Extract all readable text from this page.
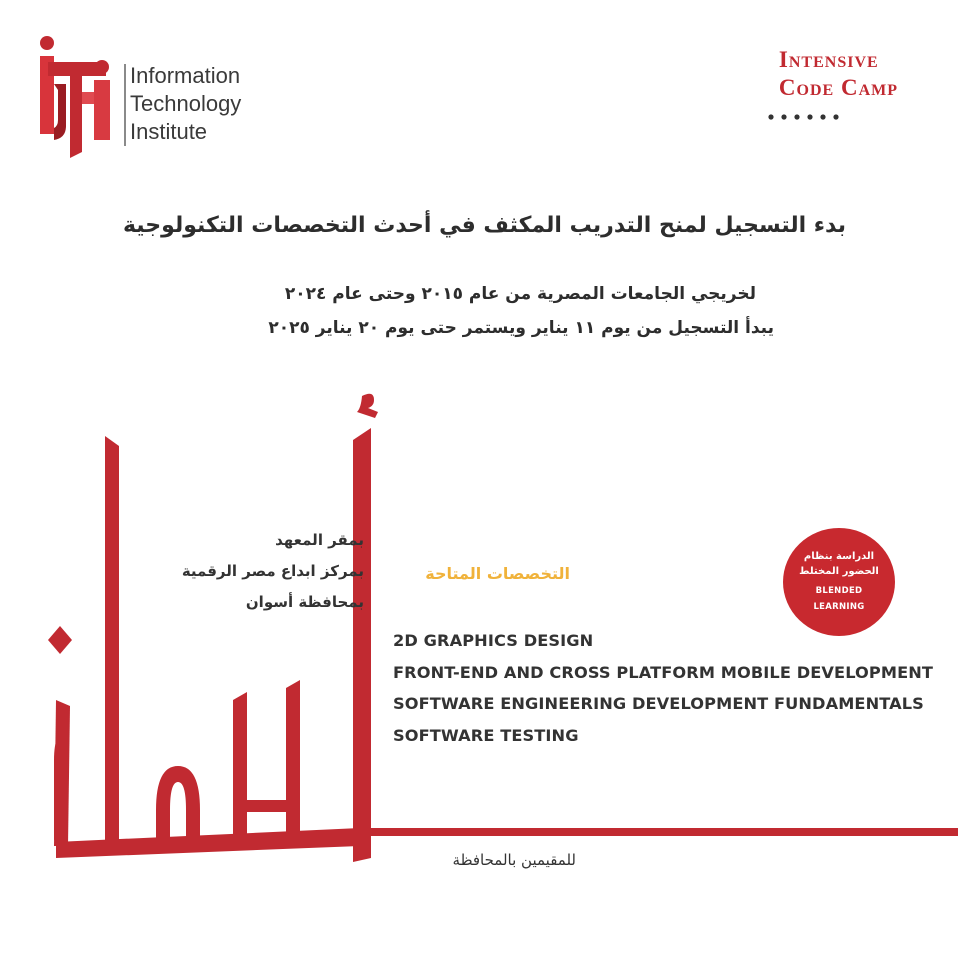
Information
Technology
Institute
Intensive
Code Camp
بدء التسجيل لمنح التدريب المكثف في أحدث التخصصات التكنولوجية
لخريجي الجامعات المصرية من عام ٢٠١٥ وحتى عام ٢٠٢٤
يبدأ التسجيل من يوم ١١ يناير ويستمر حتى يوم ٢٠ يناير ٢٠٢٥
بمقر المعهد
بمركز ابداع مصر الرقمية
بمحافظة أسوان
التخصصات المتاحة
2D GRAPHICS DESIGN
FRONT-END AND CROSS PLATFORM MOBILE DEVELOPMENT
SOFTWARE ENGINEERING DEVELOPMENT FUNDAMENTALS
SOFTWARE TESTING
الدراسة بنظام
الحضور المختلط
BLENDED
LEARNING
للمقيمين بالمحافظة
